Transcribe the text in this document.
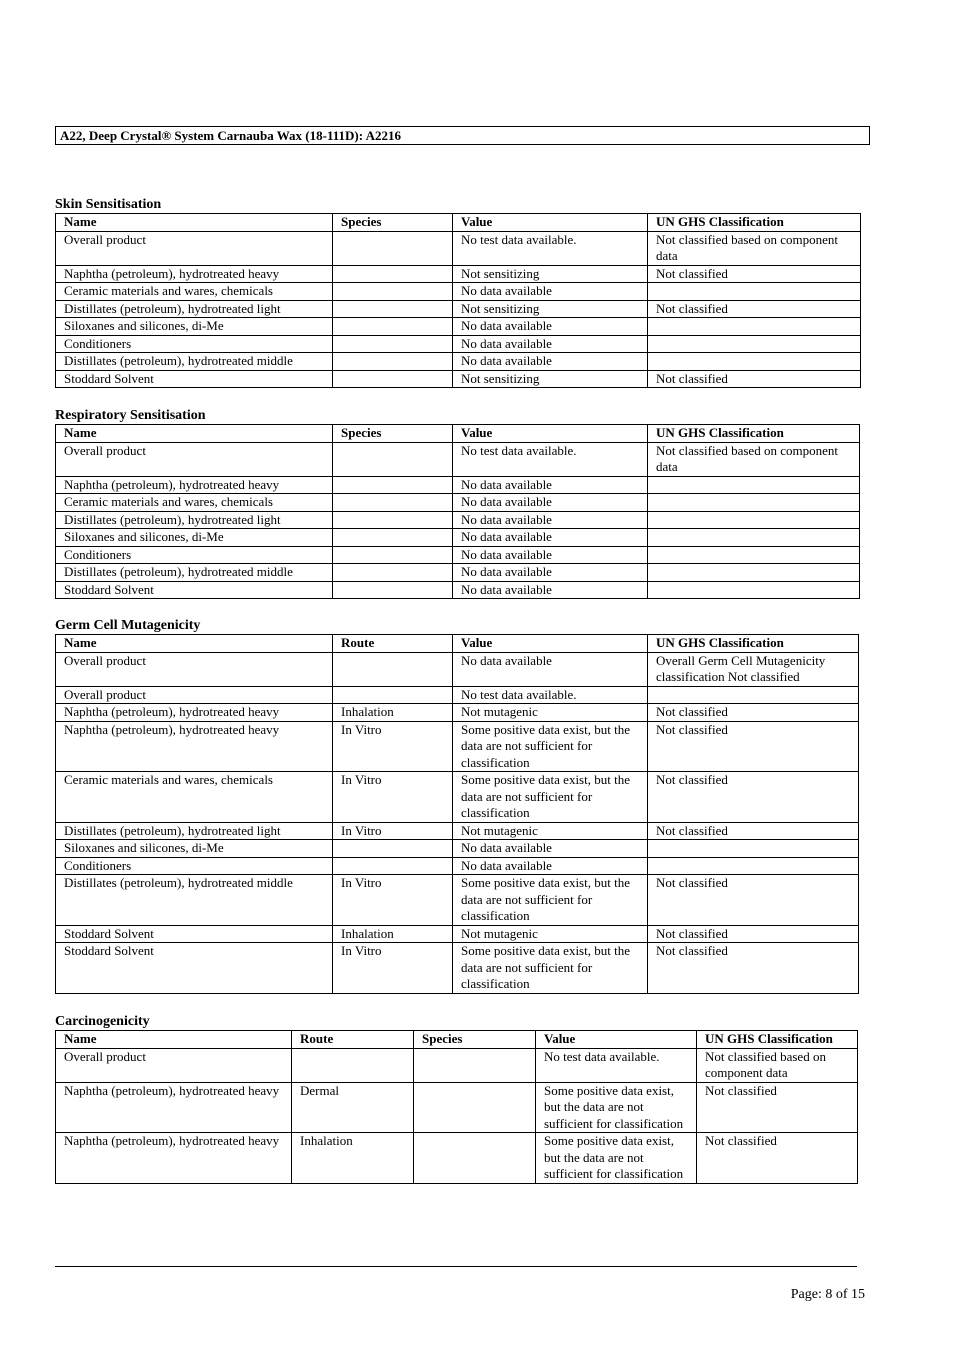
A22, Deep Crystal® System Carnauba Wax (18-111D): A2216
Skin Sensitisation
Name	Species	Value	UN GHS Classification
Overall product		No test data available.	Not classified based on component data
Naphtha (petroleum), hydrotreated heavy		Not sensitizing	Not classified
Ceramic materials and wares, chemicals		No data available	
Distillates (petroleum), hydrotreated light		Not sensitizing	Not classified
Siloxanes and silicones, di-Me		No data available	
Conditioners		No data available	
Distillates (petroleum), hydrotreated middle		No data available	
Stoddard Solvent		Not sensitizing	Not classified
Respiratory Sensitisation
Name	Species	Value	UN GHS Classification
Overall product		No test data available.	Not classified based on component data
Naphtha (petroleum), hydrotreated heavy		No data available	
Ceramic materials and wares, chemicals		No data available	
Distillates (petroleum), hydrotreated light		No data available	
Siloxanes and silicones, di-Me		No data available	
Conditioners		No data available	
Distillates (petroleum), hydrotreated middle		No data available	
Stoddard Solvent		No data available	
Germ Cell Mutagenicity
Name	Route	Value	UN GHS Classification
Overall product		No data available	Overall Germ Cell Mutagenicity classification Not classified
Overall product		No test data available.	
Naphtha (petroleum), hydrotreated heavy	Inhalation	Not mutagenic	Not classified
Naphtha (petroleum), hydrotreated heavy	In Vitro	Some positive data exist, but the data are not sufficient for classification	Not classified
Ceramic materials and wares, chemicals	In Vitro	Some positive data exist, but the data are not sufficient for classification	Not classified
Distillates (petroleum), hydrotreated light	In Vitro	Not mutagenic	Not classified
Siloxanes and silicones, di-Me		No data available	
Conditioners		No data available	
Distillates (petroleum), hydrotreated middle	In Vitro	Some positive data exist, but the data are not sufficient for classification	Not classified
Stoddard Solvent	Inhalation	Not mutagenic	Not classified
Stoddard Solvent	In Vitro	Some positive data exist, but the data are not sufficient for classification	Not classified
Carcinogenicity
Name	Route	Species	Value	UN GHS Classification
Overall product			No test data available.	Not classified based on component data
Naphtha (petroleum), hydrotreated heavy	Dermal		Some positive data exist, but the data are not sufficient for classification	Not classified
Naphtha (petroleum), hydrotreated heavy	Inhalation		Some positive data exist, but the data are not sufficient for classification	Not classified
Page: 8 of 15
